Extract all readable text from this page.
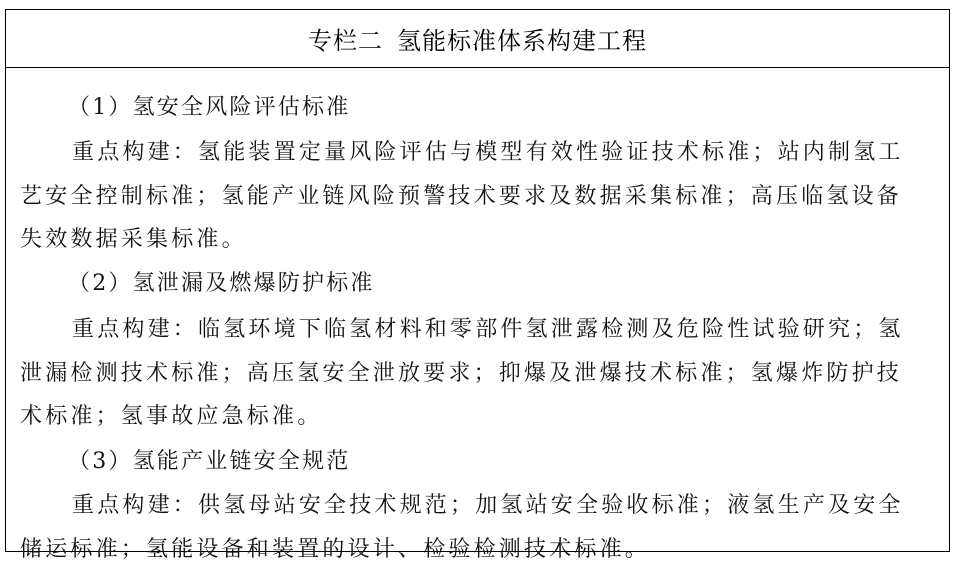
专栏二 氢能标准体系构建工程
（1）氢安全风险评估标准
重点构建：氢能装置定量风险评估与模型有效性验证技术标准；站内制氢工
艺安全控制标准；氢能产业链风险预警技术要求及数据采集标准；高压临氢设备
失效数据采集标准。
（2）氢泄漏及燃爆防护标准
重点构建：临氢环境下临氢材料和零部件氢泄露检测及危险性试验研究；氢
泄漏检测技术标准；高压氢安全泄放要求；抑爆及泄爆技术标准；氢爆炸防护技
术标准；氢事故应急标准。
（3）氢能产业链安全规范
重点构建：供氢母站安全技术规范；加氢站安全验收标准；液氢生产及安全
储运标准；氢能设备和装置的设计、检验检测技术标准。
